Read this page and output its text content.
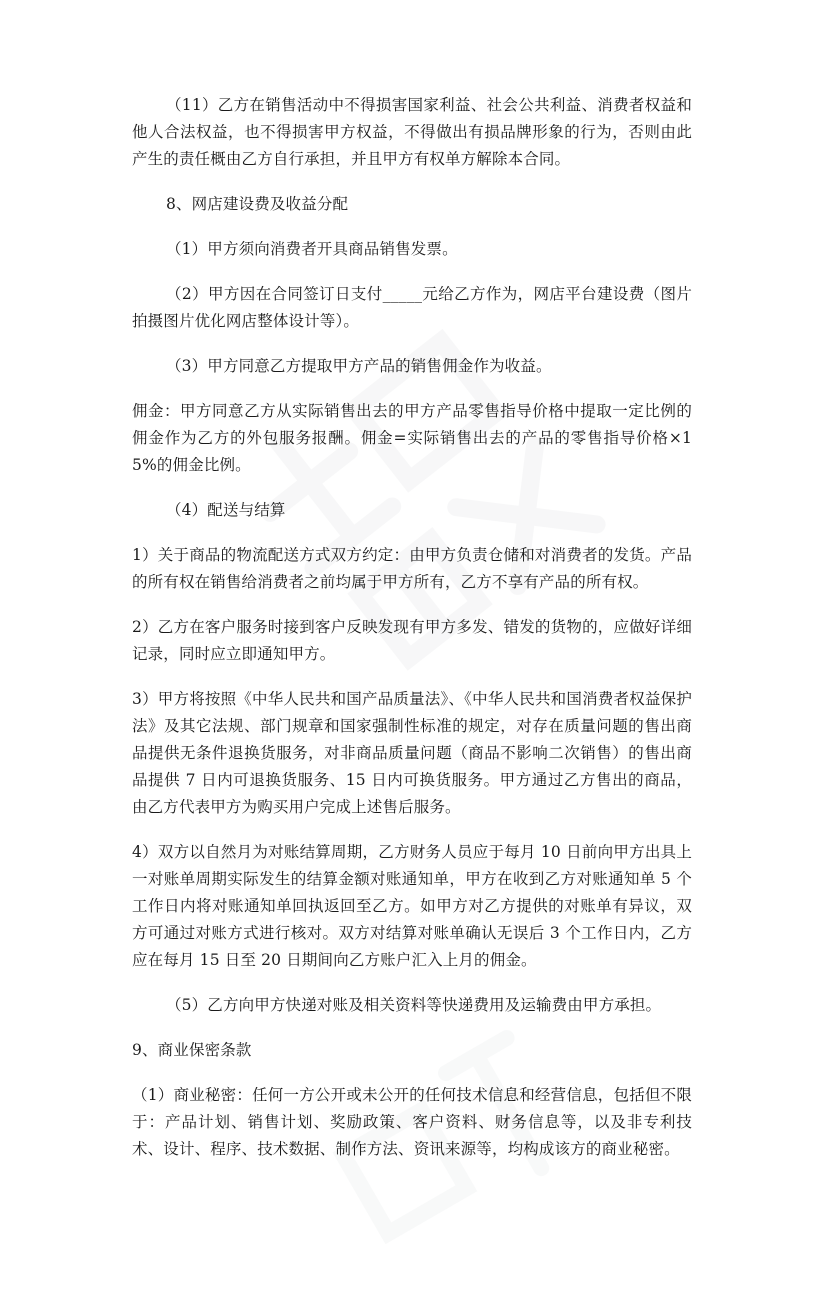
（11）乙方在销售活动中不得损害国家利益、社会公共利益、消费者权益和他人合法权益，也不得损害甲方权益，不得做出有损品牌形象的行为，否则由此产生的责任概由乙方自行承担，并且甲方有权单方解除本合同。

8、网店建设费及收益分配

（1）甲方须向消费者开具商品销售发票。

（2）甲方因在合同签订日支付_____元给乙方作为，网店平台建设费（图片拍摄图片优化网店整体设计等）。

（3）甲方同意乙方提取甲方产品的销售佣金作为收益。

佣金：甲方同意乙方从实际销售出去的甲方产品零售指导价格中提取一定比例的佣金作为乙方的外包服务报酬。佣金=实际销售出去的产品的零售指导价格×15%的佣金比例。

（4）配送与结算

1）关于商品的物流配送方式双方约定：由甲方负责仓储和对消费者的发货。产品的所有权在销售给消费者之前均属于甲方所有，乙方不享有产品的所有权。

2）乙方在客户服务时接到客户反映发现有甲方多发、错发的货物的，应做好详细记录，同时应立即通知甲方。

3）甲方将按照《中华人民共和国产品质量法》、《中华人民共和国消费者权益保护法》及其它法规、部门规章和国家强制性标准的规定，对存在质量问题的售出商品提供无条件退换货服务，对非商品质量问题（商品不影响二次销售）的售出商品提供 7 日内可退换货服务、15 日内可换货服务。甲方通过乙方售出的商品，由乙方代表甲方为购买用户完成上述售后服务。

4）双方以自然月为对账结算周期，乙方财务人员应于每月 10 日前向甲方出具上一对账单周期实际发生的结算金额对账通知单，甲方在收到乙方对账通知单 5 个工作日内将对账通知单回执返回至乙方。如甲方对乙方提供的对账单有异议，双方可通过对账方式进行核对。双方对结算对账单确认无误后 3 个工作日内，乙方应在每月 15 日至 20 日期间向乙方账户汇入上月的佣金。

（5）乙方向甲方快递对账及相关资料等快递费用及运输费由甲方承担。

9、商业保密条款

（1）商业秘密：任何一方公开或未公开的任何技术信息和经营信息，包括但不限于：产品计划、销售计划、奖励政策、客户资料、财务信息等，以及非专利技术、设计、程序、技术数据、制作方法、资讯来源等，均构成该方的商业秘密。
